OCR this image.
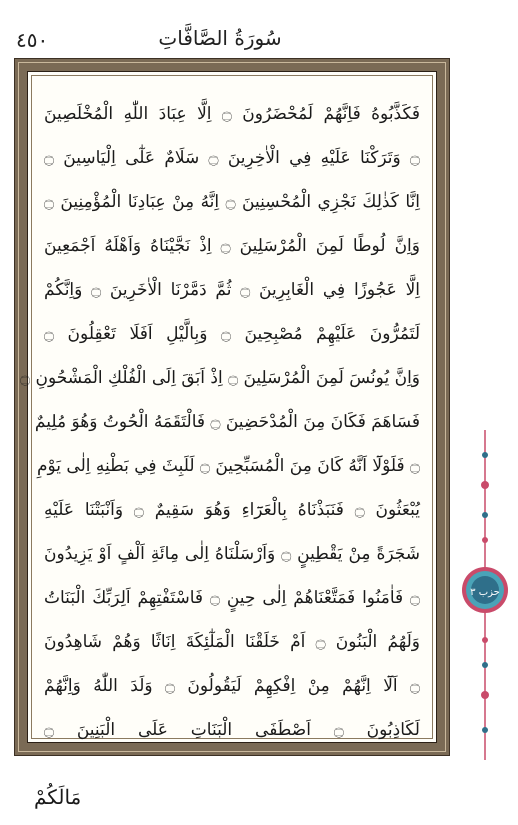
سُورَةُ الصَّافَّاتِ
٤٥٠
فَكَذَّبُوهُ فَاِنَّهُمْ لَمُحْضَرُونَ ۝ اِلَّا عِبَادَ اللّٰهِ الْمُخْلَصِينَ
۝ وَتَرَكْنَا عَلَيْهِ فِي الْاٰخِرِينَ ۝ سَلَامٌ عَلٰٓى اِلْيَاسِينَ ۝
اِنَّا كَذٰلِكَ نَجْزِي الْمُحْسِنِينَ ۝ اِنَّهُ مِنْ عِبَادِنَا الْمُؤْمِنِينَ ۝
وَاِنَّ لُوطًا لَمِنَ الْمُرْسَلِينَ ۝ اِذْ نَجَّيْنَاهُ وَاَهْلَهُ اَجْمَعِينَ
اِلَّا عَجُوزًا فِي الْغَابِرِينَ ۝ ثُمَّ دَمَّرْنَا الْاٰخَرِينَ ۝ وَاِنَّكُمْ
لَتَمُرُّونَ عَلَيْهِمْ مُصْبِحِينَ ۝ وَبِالَّيْلِ اَفَلَا تَعْقِلُونَ ۝
وَاِنَّ يُونُسَ لَمِنَ الْمُرْسَلِينَ ۝ اِذْ اَبَقَ اِلَى الْفُلْكِ الْمَشْحُونِ ۝
فَسَاهَمَ فَكَانَ مِنَ الْمُدْحَضِينَ ۝ فَالْتَقَمَهُ الْحُوتُ وَهُوَ مُلِيمٌ
۝ فَلَوْلَٓا اَنَّهُ كَانَ مِنَ الْمُسَبِّحِينَ ۝ لَلَبِثَ فِي بَطْنِهِ اِلٰى يَوْمِ
يُبْعَثُونَ ۝ فَنَبَذْنَاهُ بِالْعَرَٓاءِ وَهُوَ سَقِيمٌ ۝ وَاَنْبَتْنَا عَلَيْهِ
شَجَرَةً مِنْ يَقْطِينٍ ۝ وَاَرْسَلْنَاهُ اِلٰى مِائَةِ اَلْفٍ اَوْ يَزِيدُونَ
۝ فَاٰمَنُوا فَمَتَّعْنَاهُمْ اِلٰى حِينٍ ۝ فَاسْتَفْتِهِمْ اَلِرَبِّكَ الْبَنَاتُ
وَلَهُمُ الْبَنُونَ ۝ اَمْ خَلَقْنَا الْمَلٰٓئِكَةَ اِنَاثًا وَهُمْ شَاهِدُونَ
۝ اَلَٓا اِنَّهُمْ مِنْ اِفْكِهِمْ لَيَقُولُونَ ۝ وَلَدَ اللّٰهُ وَاِنَّهُمْ
لَكَاذِبُونَ ۝ اَصْطَفَى الْبَنَاتِ عَلَى الْبَنِينَ ۝
حزب ٣
مَالَكُمْ
